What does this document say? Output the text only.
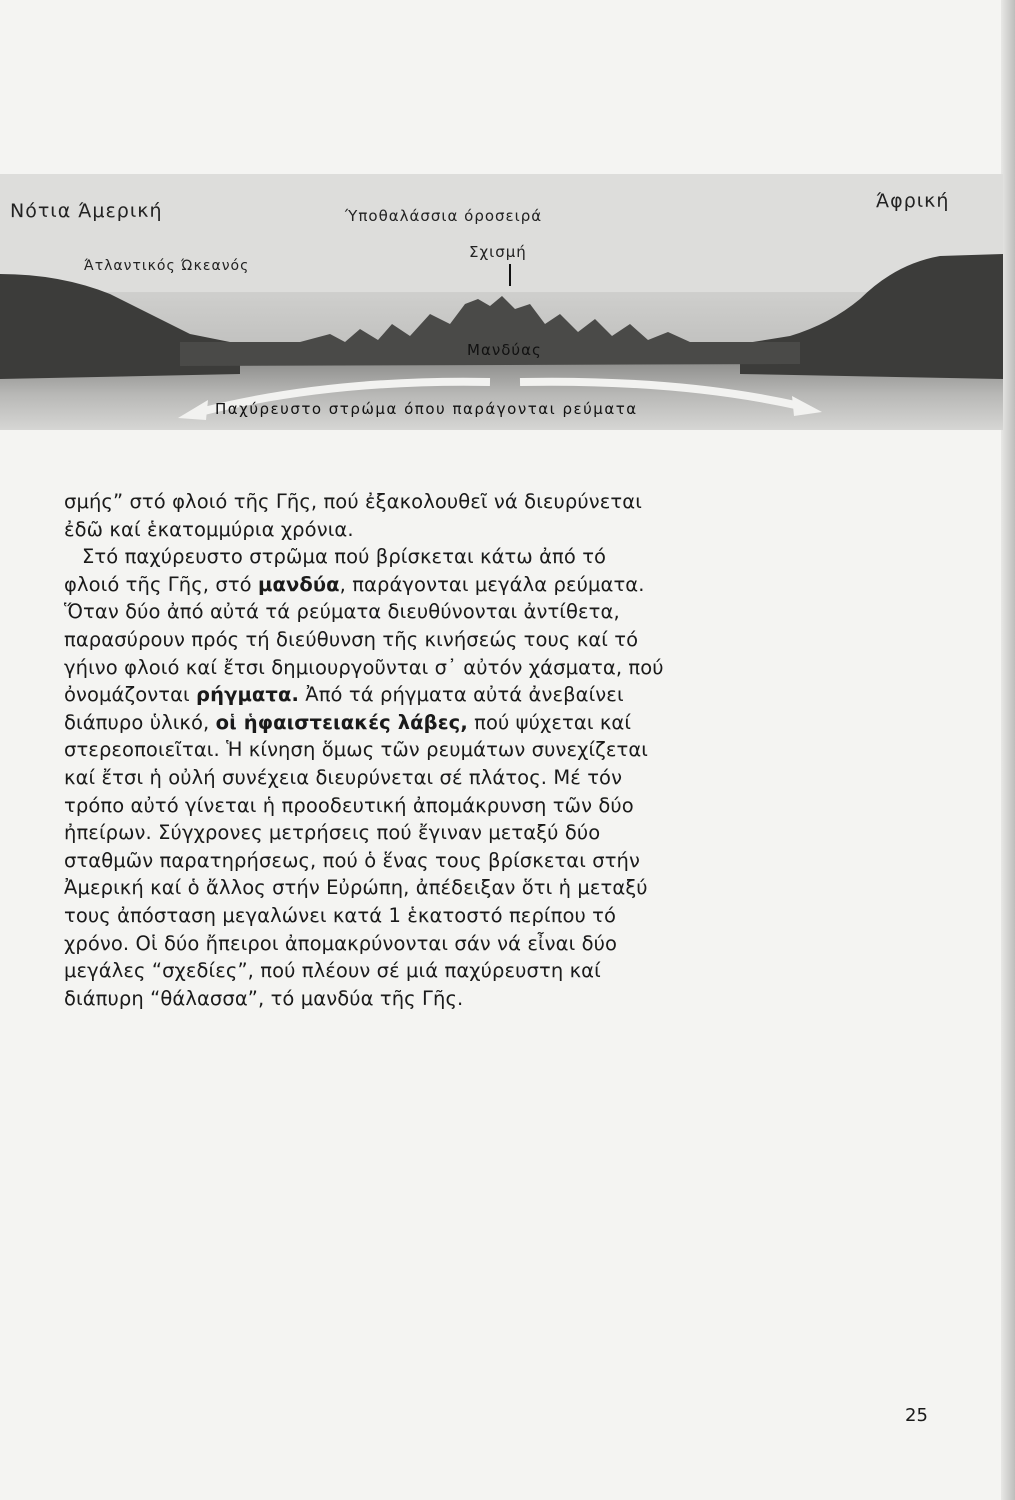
Νότια Άμερική	Άφρική
Ύποθαλάσσια όροσειρά
Άτλαντικός Ώκεανός
Σχισμή
Μανδύας
Παχύρευστο στρώμα όπου παράγονται ρεύματα

σμής” στό φλοιό τῆς Γῆς, πού ἐξακολουθεῖ νά διευρύνεται ἐδῶ καί ἑκατομμύρια χρόνια.

Στό παχύρευστο στρῶμα πού βρίσκεται κάτω ἀπό τό φλοιό τῆς Γῆς, στό μανδύα, παράγονται μεγάλα ρεύματα. Ὅταν δύο ἀπό αὐτά τά ρεύματα διευθύνονται ἀντίθετα, παρασύρουν πρός τή διεύθυνση τῆς κινήσεώς τους καί τό γήινο φλοιό καί ἔτσι δημιουργοῦνται σ᾽ αὐτόν χάσματα, πού ὀνομάζονται ρήγματα. Ἀπό τά ρήγματα αὐτά ἀνεβαίνει διάπυρο ὑλικό, οἱ ἡφαιστειακές λάβες, πού ψύχεται καί στερεοποιεῖται. Ἡ κίνηση ὅμως τῶν ρευμάτων συνεχίζεται καί ἔτσι ἡ οὐλή συνέχεια διευρύνεται σέ πλάτος. Μέ τόν τρόπο αὐτό γίνεται ἡ προοδευτική ἀπομάκρυνση τῶν δύο ἠπείρων. Σύγχρονες μετρήσεις πού ἔγιναν μεταξύ δύο σταθμῶν παρατηρήσεως, πού ὁ ἕνας τους βρίσκεται στήν Ἀμερική καί ὁ ἄλλος στήν Εὐρώπη, ἀπέδειξαν ὅτι ἡ μεταξύ τους ἀπόσταση μεγαλώνει κατά 1 ἑκατοστό περίπου τό χρόνο. Οἱ δύο ἤπειροι ἀπομακρύνονται σάν νά εἶναι δύο μεγάλες “σχεδίες”, πού πλέουν σέ μιά παχύρευστη καί διάπυρη “θάλασσα”, τό μανδύα τῆς Γῆς.

25
